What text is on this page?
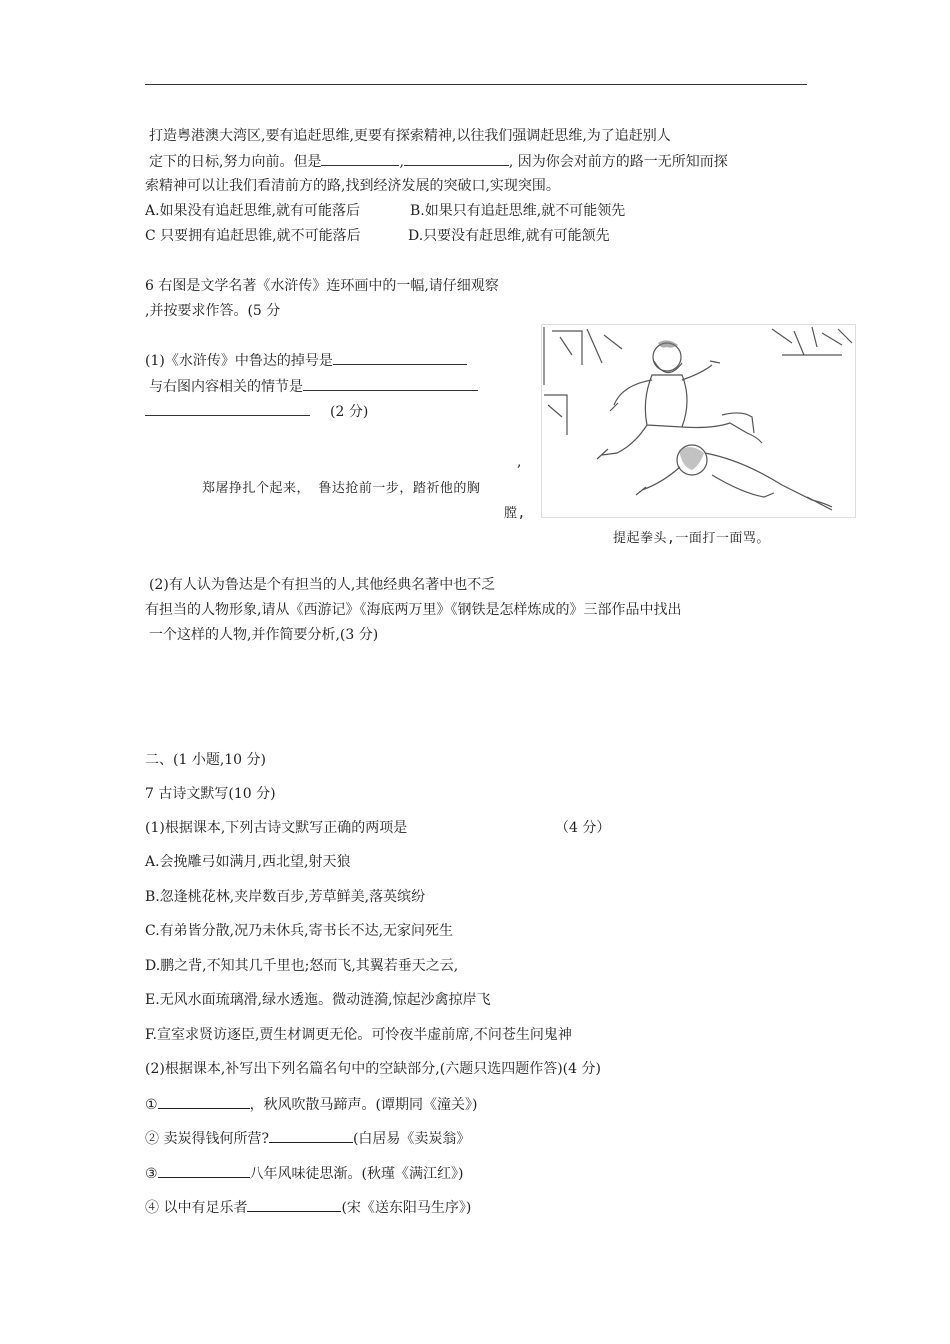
打造粤港澳大湾区,要有追赶思维,更要有探索精神,以往我们强调赶思维,为了追赶别人
定下的日标,努力向前。但是	,	, 因为你会对前方的路一无所知而探
索精神可以让我们看清前方的路,找到经济发展的突破口,实现突围。
A.如果没有追赶思维,就有可能落后	B.如果只有追赶思维,就不可能领先
C 只要拥有追赶思锥,就不可能落后	D.只要没有赶思维,就有可能颔先
6 右图是文学名著《水浒传》连环画中的一幅,请仔细观察
,并按要求作答。(5 分
(1)《水浒传》中鲁达的掉号是
与右图内容相关的情节是
(2 分)
,
郑屠挣扎个起来， 鲁达抢前一步，踏祈他的胸
膛,
提起拳头,一面打一面骂。
(2)有人认为鲁达是个有担当的人,其他经典名著中也不乏
有担当的人物形象,请从《西游记》《海底两万里》《钢铁是怎样炼成的》三部作品中找出
一个这样的人物,并作简要分析,(3 分)
二、(1 小题,10 分)
7 古诗文默写(10 分)
(1)根据课本,下列古诗文默写正确的两项是	（4 分）
A.会挽雕弓如满月,西北望,射天狼
B.忽逢桃花林,夹岸数百步,芳草鲜美,落英缤纷
C.有弟皆分散,况乃未休兵,寄书长不达,无家问死生
D.鹏之背,不知其几千里也;怒而飞,其翼若垂天之云,
E.无风水面琉璃滑,绿水透迤。微动涟漪,惊起沙禽掠岸飞
F.宣室求贤访逐臣,贾生材调更无伦。可怜夜半虚前席,不问苍生问鬼神
(2)根据课本,补写出下列名篇名句中的空缺部分,(六题只选四题作答)(4 分)
①	，秋风吹散马蹄声。(谭期同《潼关》)
② 卖炭得钱何所营?	(白居易《卖炭翁》
③	八年风味徒思渐。(秋瑾《满江红》)
④ 以中有足乐者	(宋《送东阳马生序》)
